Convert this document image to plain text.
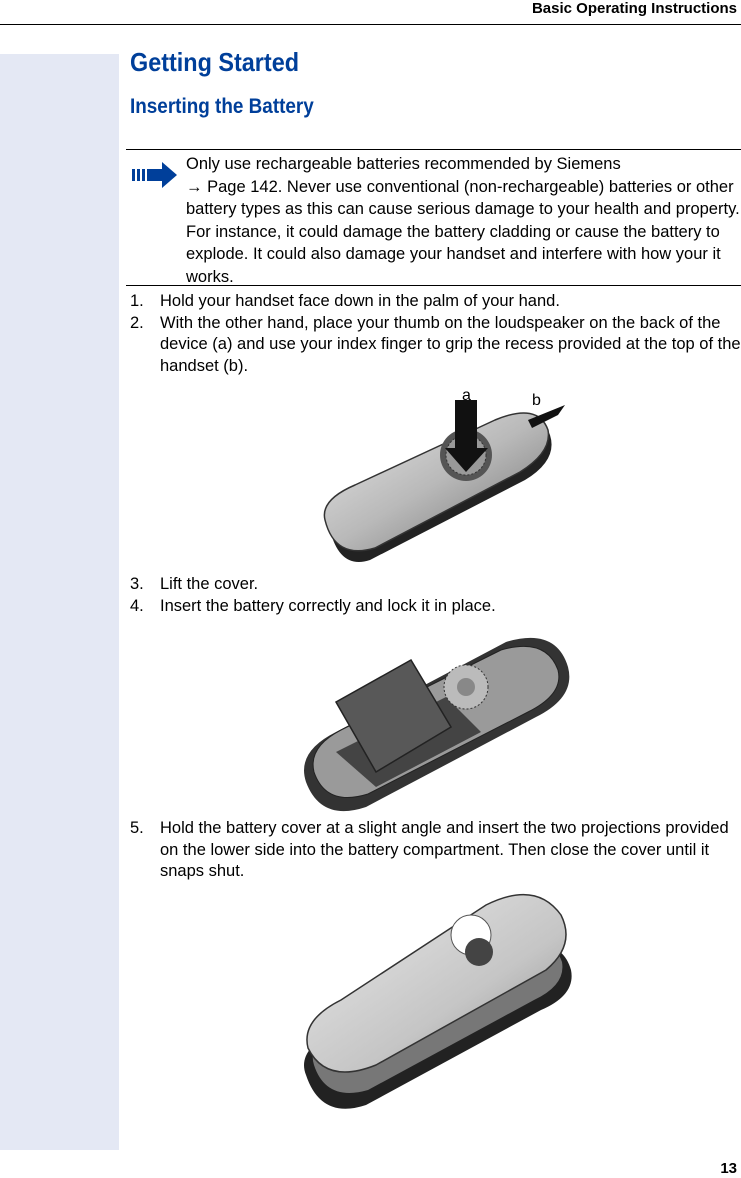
Basic Operating Instructions
Getting Started
Inserting the Battery
Only use rechargeable batteries recommended by Siemens
→ Page 142. Never use conventional (non-rechargeable) batteries or other battery types as this can cause serious damage to your health and property. For instance, it could damage the battery cladding or cause the battery to explode. It could also damage your handset and interfere with how your it works.
1. Hold your handset face down in the palm of your hand.
2. With the other hand, place your thumb on the loudspeaker on the back of the device (a) and use your index finger to grip the recess provided at the top of the handset (b).
a	b
3. Lift the cover.
4. Insert the battery correctly and lock it in place.
5. Hold the battery cover at a slight angle and insert the two projections provided on the lower side into the battery compartment. Then close the cover until it snaps shut.
13
